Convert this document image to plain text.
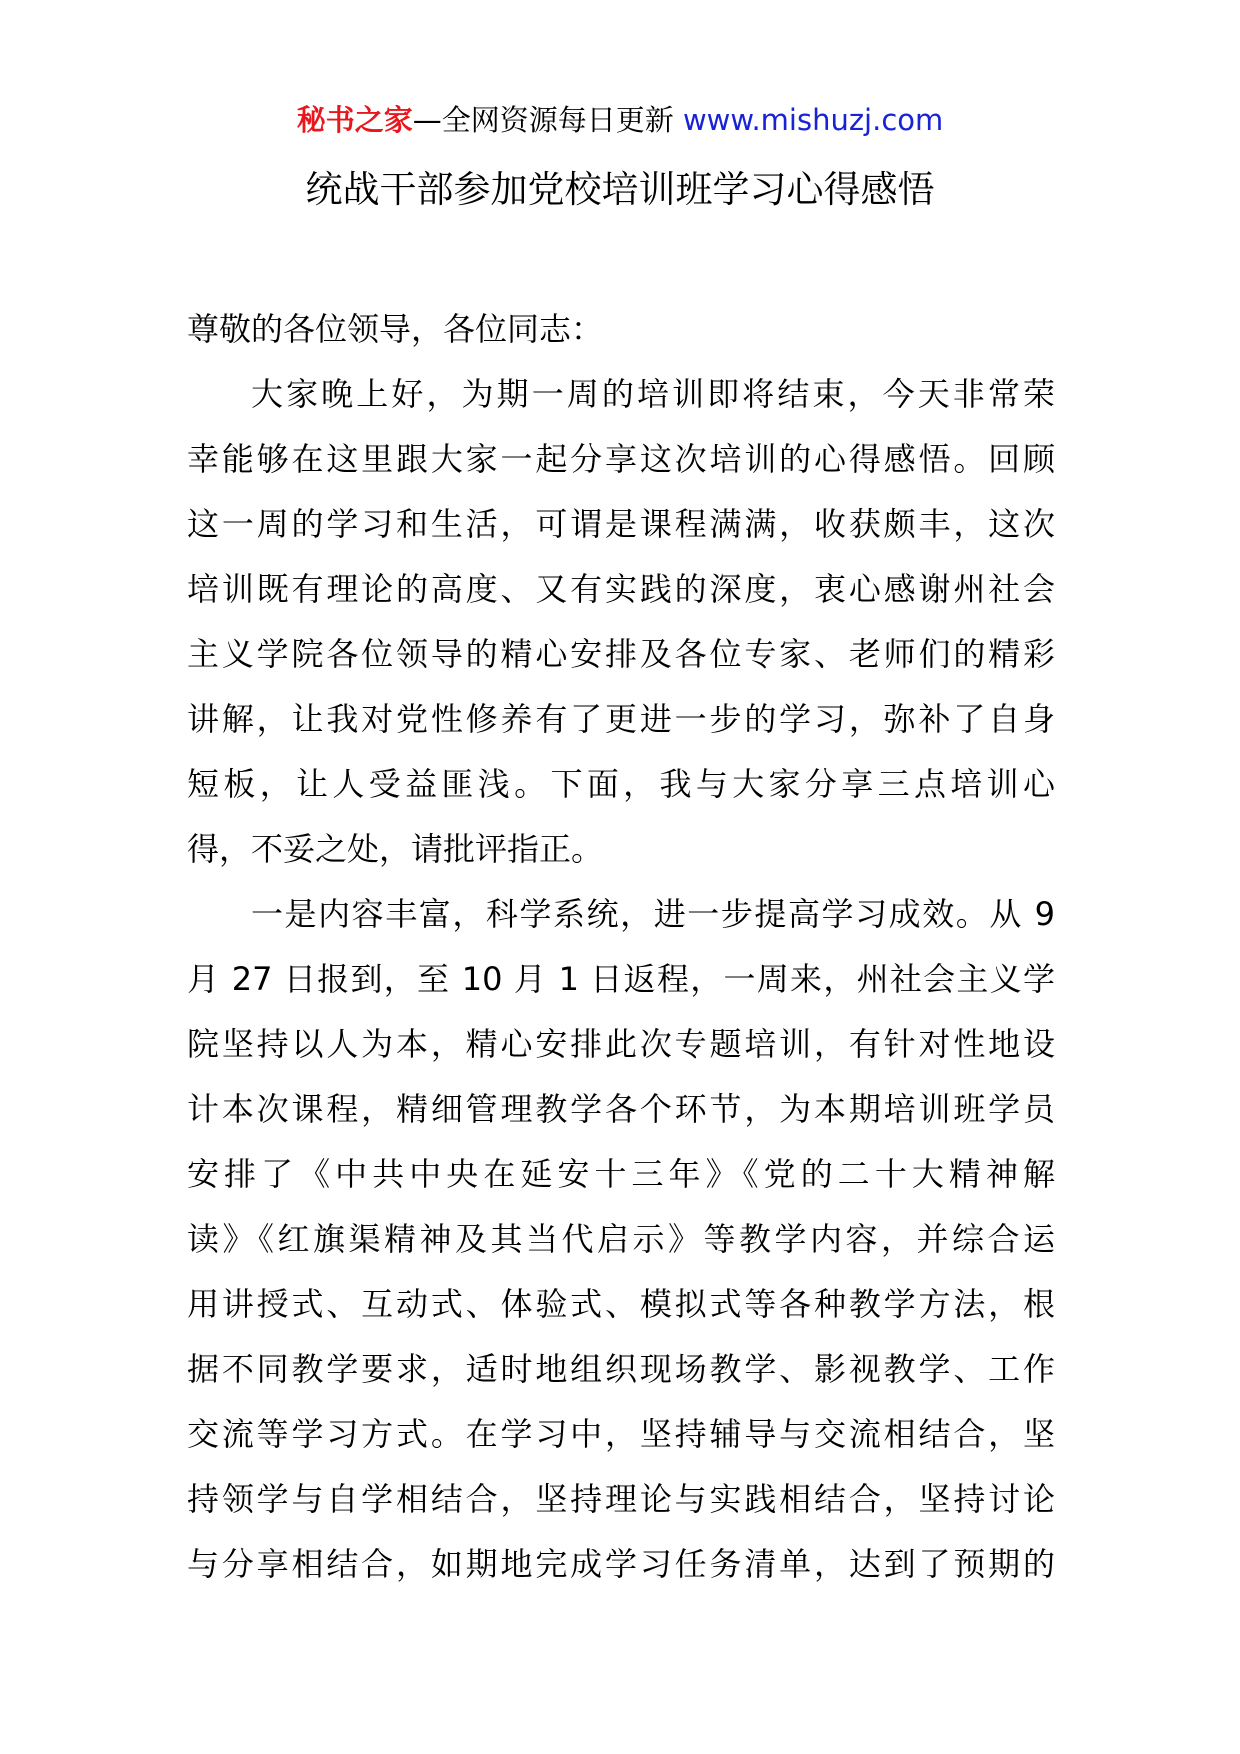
秘书之家—全网资源每日更新 www.mishuzj.com
统战干部参加党校培训班学习心得感悟
尊敬的各位领导，各位同志：
大家晚上好，为期一周的培训即将结束，今天非常荣
幸能够在这里跟大家一起分享这次培训的心得感悟。回顾
这一周的学习和生活，可谓是课程满满，收获颇丰，这次
培训既有理论的高度、又有实践的深度，衷心感谢州社会
主义学院各位领导的精心安排及各位专家、老师们的精彩
讲解，让我对党性修养有了更进一步的学习，弥补了自身
短板，让人受益匪浅。下面，我与大家分享三点培训心
得，不妥之处，请批评指正。
一是内容丰富，科学系统，进一步提高学习成效。从 9
月 27 日报到，至 10 月 1 日返程，一周来，州社会主义学
院坚持以人为本，精心安排此次专题培训，有针对性地设
计本次课程，精细管理教学各个环节，为本期培训班学员
安排了《中共中央在延安十三年》《党的二十大精神解
读》《红旗渠精神及其当代启示》等教学内容，并综合运
用讲授式、互动式、体验式、模拟式等各种教学方法，根
据不同教学要求，适时地组织现场教学、影视教学、工作
交流等学习方式。在学习中，坚持辅导与交流相结合，坚
持领学与自学相结合，坚持理论与实践相结合，坚持讨论
与分享相结合，如期地完成学习任务清单，达到了预期的
